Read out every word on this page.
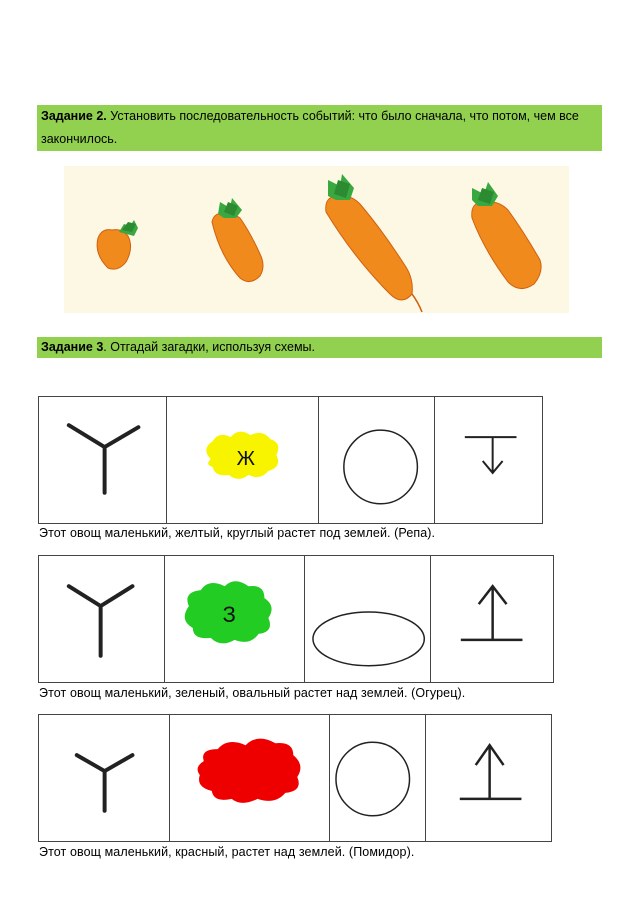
Задание 2. Установить последовательность событий: что было сначала, что потом, чем все закончилось.
Задание 3. Отгадай загадки, используя схемы.
Ж
Этот овощ маленький, желтый, круглый растет под землей. (Репа).
З
Этот овощ маленький, зеленый, овальный растет над землей. (Огурец).
Этот овощ маленький, красный, растет над землей. (Помидор).
